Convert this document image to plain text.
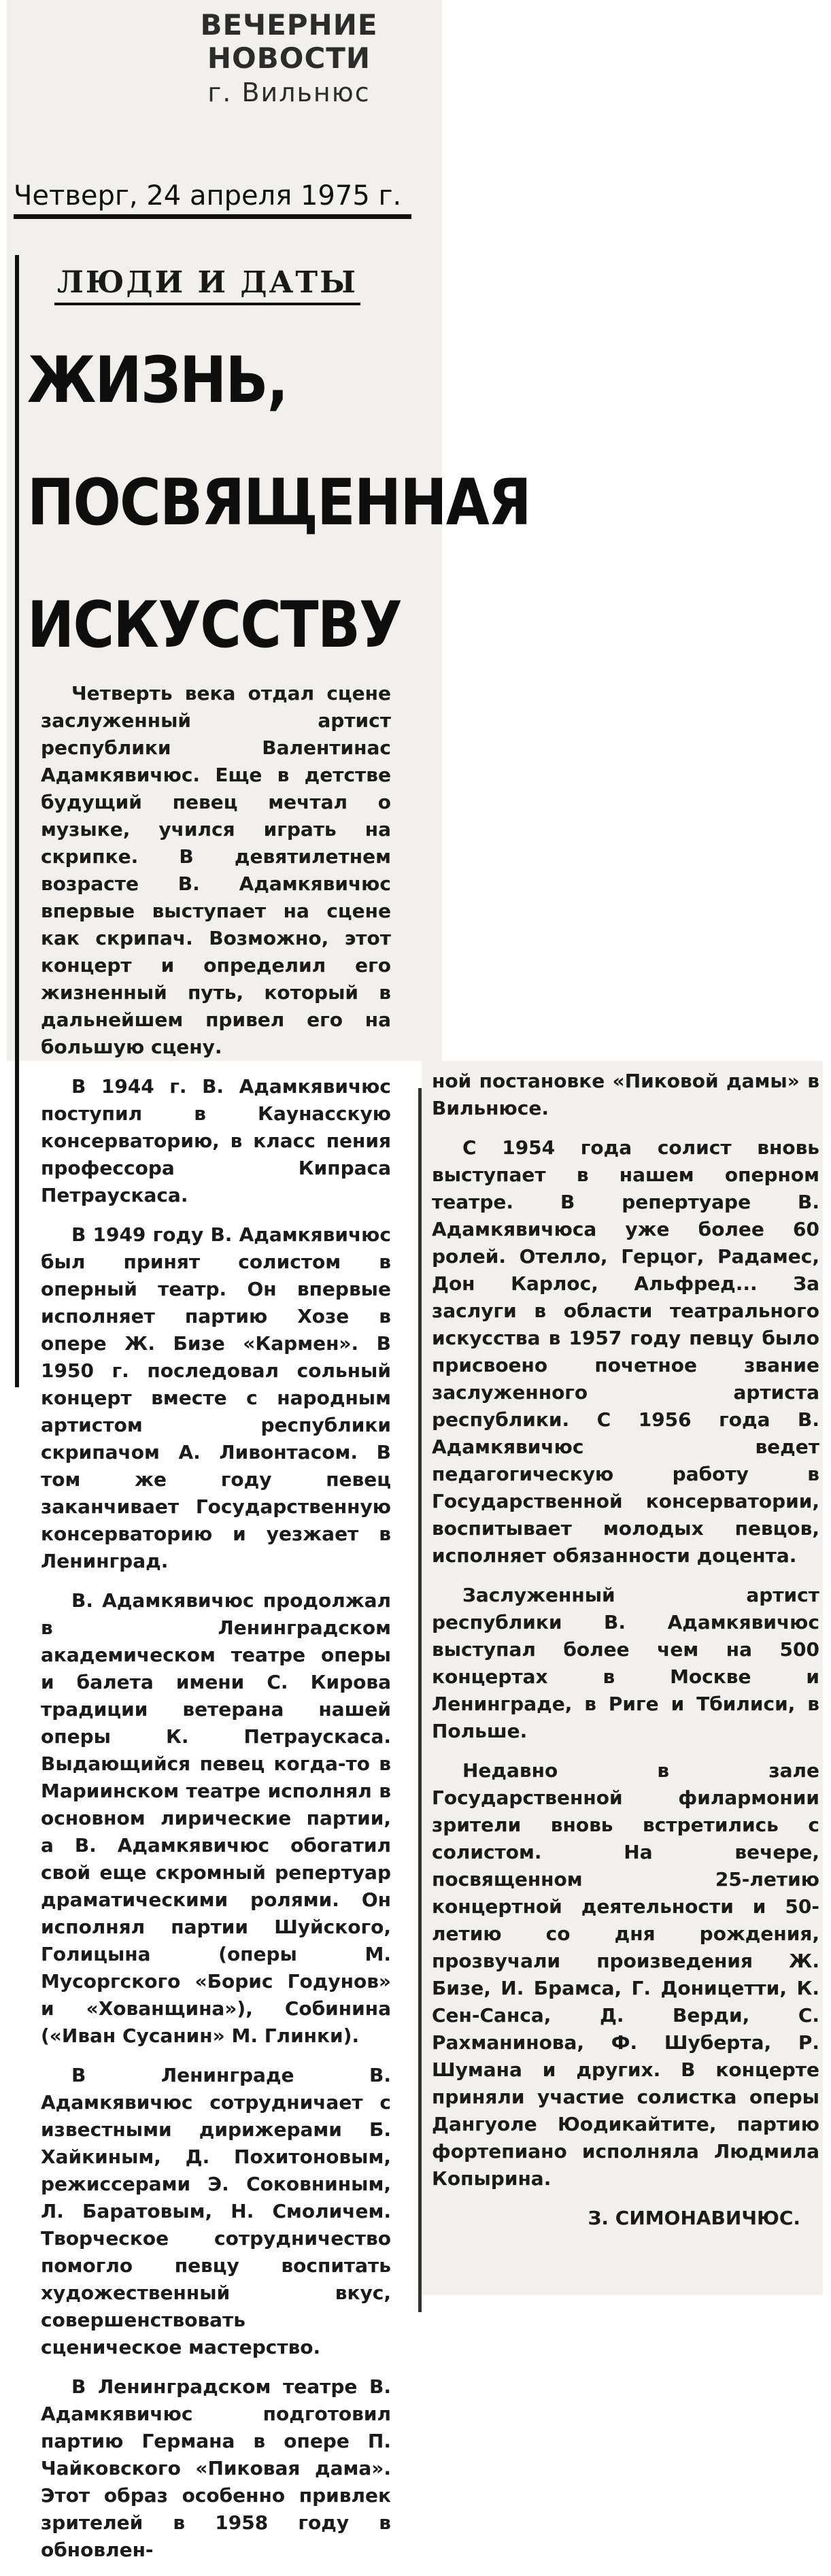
ВЕЧЕРНИЕ НОВОСТИ
г. Вильнюс
Четверг, 24 апреля 1975 г.
ЛЮДИ И ДАТЫ
ЖИЗНЬ,
ПОСВЯЩЕННАЯ
ИСКУССТВУ

Четверть века отдал сцене заслуженный артист республики Валентинас Адамкявичюс. Еще в детстве будущий певец мечтал о музыке, учился играть на скрипке. В девятилетнем возрасте В. Адамкявичюс впервые выступает на сцене как скрипач. Возможно, этот концерт и определил его жизненный путь, который в дальнейшем привел его на большую сцену.

В 1944 г. В. Адамкявичюс поступил в Каунасскую консерваторию, в класс пения профессора Кипраса Петраускаса.

В 1949 году В. Адамкявичюс был принят солистом в оперный театр. Он впервые исполняет партию Хозе в опере Ж. Бизе «Кармен». В 1950 г. последовал сольный концерт вместе с народным артистом республики скрипачом А. Ливонтасом. В том же году певец заканчивает Государственную консерваторию и уезжает в Ленинград.

В. Адамкявичюс продолжал в Ленинградском академическом театре оперы и балета имени С. Кирова традиции ветерана нашей оперы К. Петраускаса. Выдающийся певец когда-то в Мариинском театре исполнял в основном лирические партии, а В. Адамкявичюс обогатил свой еще скромный репертуар драматическими ролями. Он исполнял партии Шуйского, Голицына (оперы М. Мусоргского «Борис Годунов» и «Хованщина»), Собинина («Иван Сусанин» М. Глинки).

В Ленинграде В. Адамкявичюс сотрудничает с известными дирижерами Б. Хайкиным, Д. Похитоновым, режиссерами Э. Соковниным, Л. Баратовым, Н. Смоличем. Творческое сотрудничество помогло певцу воспитать художественный вкус, совершенствовать сценическое мастерство.

В Ленинградском театре В. Адамкявичюс подготовил партию Германа в опере П. Чайковского «Пиковая дама». Этот образ особенно привлек зрителей в 1958 году в обновлен-

ной постановке «Пиковой дамы» в Вильнюсе.

С 1954 года солист вновь выступает в нашем оперном театре. В репертуаре В. Адамкявичюса уже более 60 ролей. Отелло, Герцог, Радамес, Дон Карлос, Альфред... За заслуги в области театрального искусства в 1957 году певцу было присвоено почетное звание заслуженного артиста республики. С 1956 года В. Адамкявичюс ведет педагогическую работу в Государственной консерватории, воспитывает молодых певцов, исполняет обязанности доцента.

Заслуженный артист республики В. Адамкявичюс выступал более чем на 500 концертах в Москве и Ленинграде, в Риге и Тбилиси, в Польше.

Недавно в зале Государственной филармонии зрители вновь встретились с солистом. На вечере, посвященном 25-летию концертной деятельности и 50-летию со дня рождения, прозвучали произведения Ж. Бизе, И. Брамса, Г. Доницетти, К. Сен-Санса, Д. Верди, С. Рахманинова, Ф. Шуберта, Р. Шумана и других. В концерте приняли участие солистка оперы Дангуоле Юодикайтите, партию фортепиано исполняла Людмила Копырина.

З. СИМОНАВИЧЮС.
